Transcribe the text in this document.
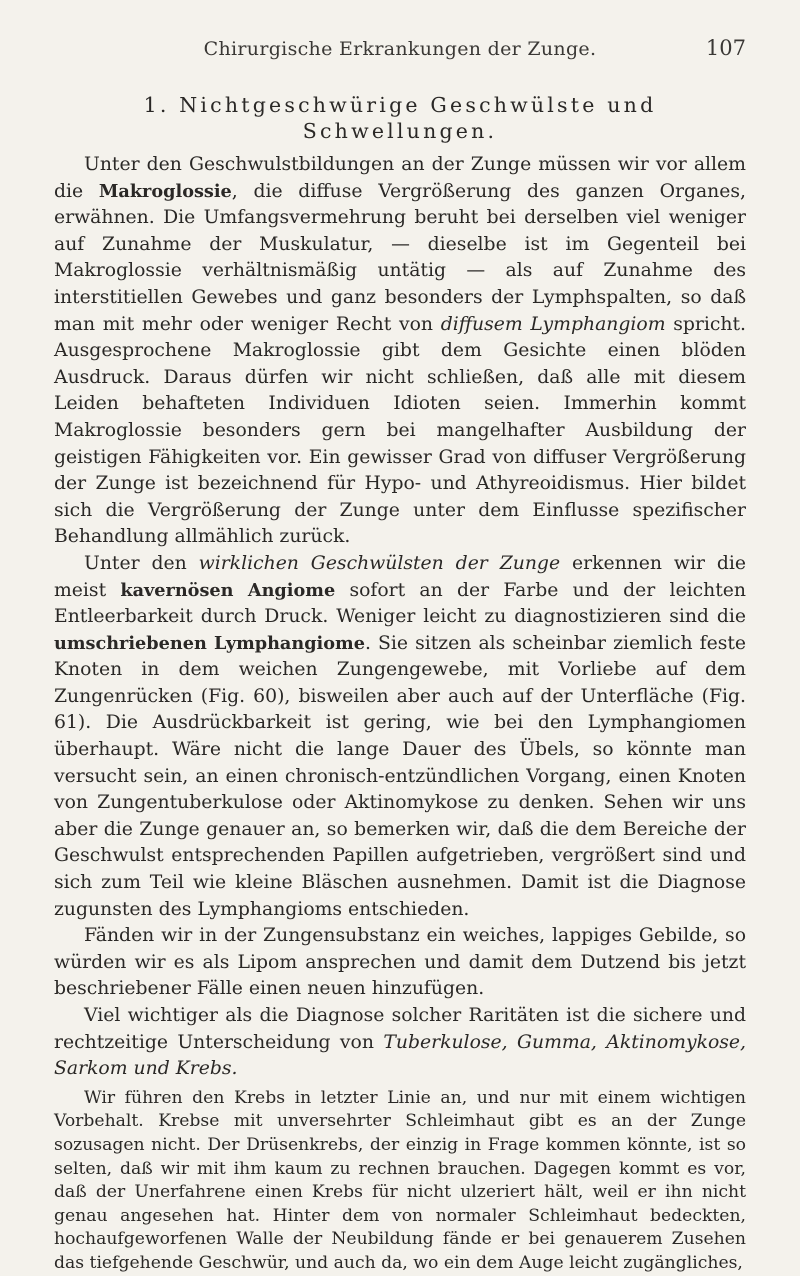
Chirurgische Erkrankungen der Zunge.	107
1. Nichtgeschwürige Geschwülste und
Schwellungen.

Unter den Geschwulstbildungen an der Zunge müssen wir vor allem die Makroglossie, die diffuse Vergrößerung des ganzen Organes, erwähnen. Die Umfangsvermehrung beruht bei derselben viel weniger auf Zunahme der Muskulatur, — dieselbe ist im Gegenteil bei Makroglossie verhältnismäßig untätig — als auf Zunahme des interstitiellen Gewebes und ganz besonders der Lymphspalten, so daß man mit mehr oder weniger Recht von diffusem Lymphangiom spricht. Ausgesprochene Makroglossie gibt dem Gesichte einen blöden Ausdruck. Daraus dürfen wir nicht schließen, daß alle mit diesem Leiden behafteten Individuen Idioten seien. Immerhin kommt Makroglossie besonders gern bei mangelhafter Ausbildung der geistigen Fähigkeiten vor. Ein gewisser Grad von diffuser Vergrößerung der Zunge ist bezeichnend für Hypo- und Athyreoidismus. Hier bildet sich die Vergrößerung der Zunge unter dem Einflusse spezifischer Behandlung allmählich zurück.

Unter den wirklichen Geschwülsten der Zunge erkennen wir die meist kavernösen Angiome sofort an der Farbe und der leichten Entleerbarkeit durch Druck. Weniger leicht zu diagnostizieren sind die umschriebenen Lymphangiome. Sie sitzen als scheinbar ziemlich feste Knoten in dem weichen Zungengewebe, mit Vorliebe auf dem Zungenrücken (Fig. 60), bisweilen aber auch auf der Unterfläche (Fig. 61). Die Ausdrückbarkeit ist gering, wie bei den Lymphangiomen überhaupt. Wäre nicht die lange Dauer des Übels, so könnte man versucht sein, an einen chronisch-entzündlichen Vorgang, einen Knoten von Zungentuberkulose oder Aktinomykose zu denken. Sehen wir uns aber die Zunge genauer an, so bemerken wir, daß die dem Bereiche der Geschwulst entsprechenden Papillen aufgetrieben, vergrößert sind und sich zum Teil wie kleine Bläschen ausnehmen. Damit ist die Diagnose zugunsten des Lymphangioms entschieden.

Fänden wir in der Zungensubstanz ein weiches, lappiges Gebilde, so würden wir es als Lipom ansprechen und damit dem Dutzend bis jetzt beschriebener Fälle einen neuen hinzufügen.

Viel wichtiger als die Diagnose solcher Raritäten ist die sichere und rechtzeitige Unterscheidung von Tuberkulose, Gumma, Aktinomykose, Sarkom und Krebs.

Wir führen den Krebs in letzter Linie an, und nur mit einem wichtigen Vorbehalt. Krebse mit unversehrter Schleimhaut gibt es an der Zunge sozusagen nicht. Der Drüsenkrebs, der einzig in Frage kommen könnte, ist so selten, daß wir mit ihm kaum zu rechnen brauchen. Dagegen kommt es vor, daß der Unerfahrene einen Krebs für nicht ulzeriert hält, weil er ihn nicht genau angesehen hat. Hinter dem von normaler Schleimhaut bedeckten, hochaufgeworfenen Walle der Neubildung fände er bei genauerem Zusehen das tiefgehende Geschwür, und auch da, wo ein dem Auge leicht zugängliches,
